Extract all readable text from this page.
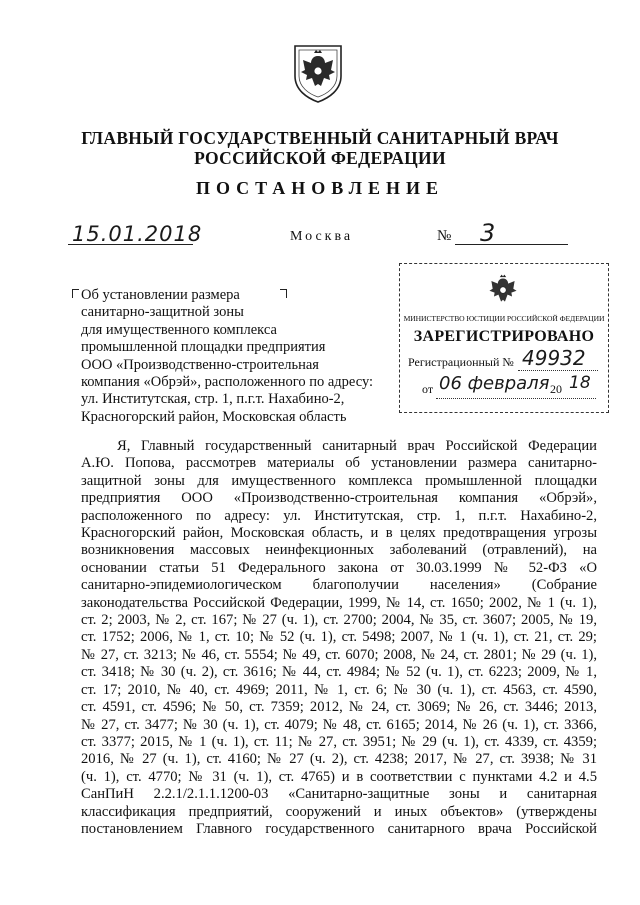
ГЛАВНЫЙ ГОСУДАРСТВЕННЫЙ САНИТАРНЫЙ ВРАЧ
РОССИЙСКОЙ ФЕДЕРАЦИИ
ПОСТАНОВЛЕНИЕ
15.01.2018	Москва	№ 3
Об установлении размера
санитарно-защитной зоны
для имущественного комплекса
промышленной площадки предприятия
ООО «Производственно-строительная
компания «Обрэй», расположенного по адресу:
ул. Институтская, стр. 1, п.г.т. Нахабино-2,
Красногорский район, Московская область
МИНИСТЕРСТВО ЮСТИЦИИ РОССИЙСКОЙ ФЕДЕРАЦИИ
ЗАРЕГИСТРИРОВАНО
Регистрационный № 49932
от 06 февраля 20 18
Я, Главный государственный санитарный врач Российской Федерации
А.Ю. Попова, рассмотрев материалы об установлении размера санитарно-
защитной зоны для имущественного комплекса промышленной площадки
предприятия ООО «Производственно-строительная компания «Обрэй»,
расположенного по адресу: ул. Институтская, стр. 1, п.г.т. Нахабино-2,
Красногорский район, Московская область, и в целях предотвращения угрозы
возникновения массовых неинфекционных заболеваний (отравлений), на
основании статьи 51 Федерального закона от 30.03.1999 № 52-ФЗ «О
санитарно-эпидемиологическом благополучии населения» (Собрание
законодательства Российской Федерации, 1999, № 14, ст. 1650; 2002, № 1 (ч. 1),
ст. 2; 2003, № 2, ст. 167; № 27 (ч. 1), ст. 2700; 2004, № 35, ст. 3607; 2005, № 19,
ст. 1752; 2006, № 1, ст. 10; № 52 (ч. 1), ст. 5498; 2007, № 1 (ч. 1), ст. 21, ст. 29;
№ 27, ст. 3213; № 46, ст. 5554; № 49, ст. 6070; 2008, № 24, ст. 2801; № 29 (ч. 1),
ст. 3418; № 30 (ч. 2), ст. 3616; № 44, ст. 4984; № 52 (ч. 1), ст. 6223; 2009, № 1,
ст. 17; 2010, № 40, ст. 4969; 2011, № 1, ст. 6; № 30 (ч. 1), ст. 4563, ст. 4590,
ст. 4591, ст. 4596; № 50, ст. 7359; 2012, № 24, ст. 3069; № 26, ст. 3446; 2013,
№ 27, ст. 3477; № 30 (ч. 1), ст. 4079; № 48, ст. 6165; 2014, № 26 (ч. 1), ст. 3366,
ст. 3377; 2015, № 1 (ч. 1), ст. 11; № 27, ст. 3951; № 29 (ч. 1), ст. 4339, ст. 4359;
2016, № 27 (ч. 1), ст. 4160; № 27 (ч. 2), ст. 4238; 2017, № 27, ст. 3938; № 31
(ч. 1), ст. 4770; № 31 (ч. 1), ст. 4765) и в соответствии с пунктами 4.2 и 4.5
СанПиН 2.2.1/2.1.1.1200-03 «Санитарно-защитные зоны и санитарная
классификация предприятий, сооружений и иных объектов» (утверждены
постановлением Главного государственного санитарного врача Российской
